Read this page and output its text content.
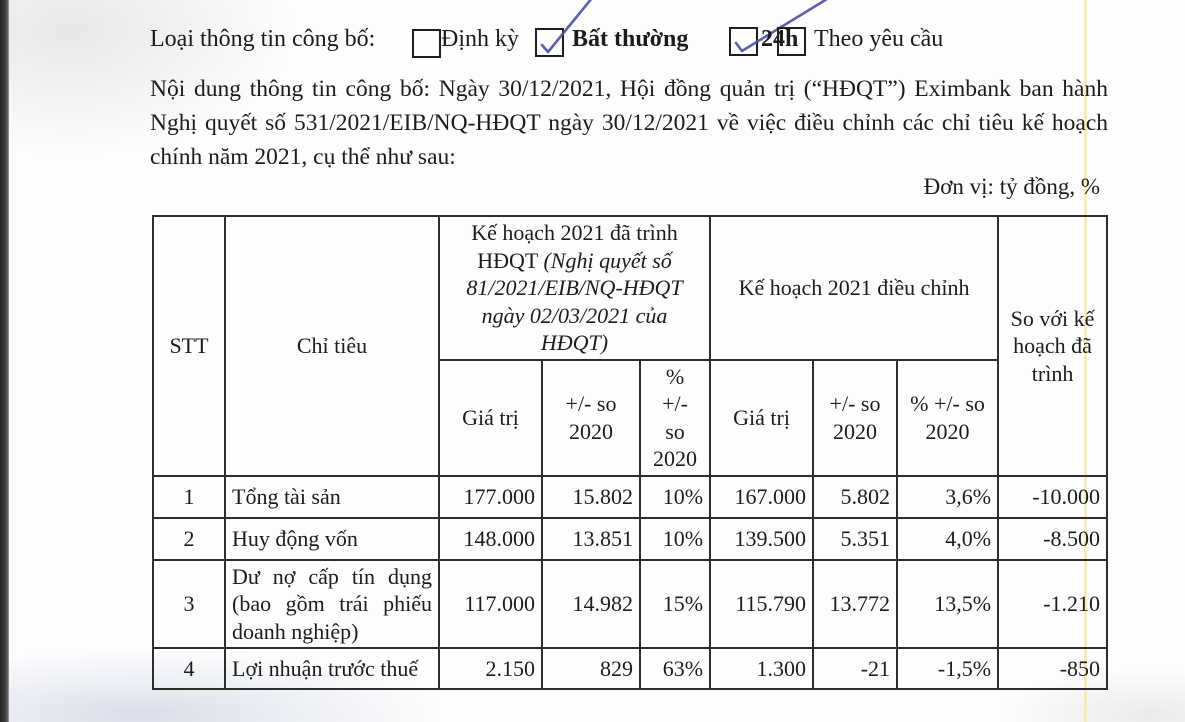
Loại thông tin công bố:	Định kỳ Bất thường	24h Theo yêu cầu
Nội dung thông tin công bố: Ngày 30/12/2021, Hội đồng quản trị (“HĐQT”) Eximbank ban hành Nghị quyết số 531/2021/EIB/NQ-HĐQT ngày 30/12/2021 về việc điều chỉnh các chỉ tiêu kế hoạch chính năm 2021, cụ thể như sau:
Đơn vị: tỷ đồng, %
STT	Chỉ tiêu	Kế hoạch 2021 đã trình HĐQT (Nghị quyết số 81/2021/EIB/NQ-HĐQT ngày 02/03/2021 của HĐQT)			Kế hoạch 2021 điều chỉnh			So với kế hoạch đã trình
		Giá trị	+/- so 2020	% +/- so 2020	Giá trị	+/- so 2020	% +/- so 2020	
1	Tổng tài sản	177.000	15.802	10%	167.000	5.802	3,6%	-10.000
2	Huy động vốn	148.000	13.851	10%	139.500	5.351	4,0%	-8.500
3	Dư nợ cấp tín dụng (bao gồm trái phiếu doanh nghiệp)	117.000	14.982	15%	115.790	13.772	13,5%	-1.210
4	Lợi nhuận trước thuế	2.150	829	63%	1.300	-21	-1,5%	-850
